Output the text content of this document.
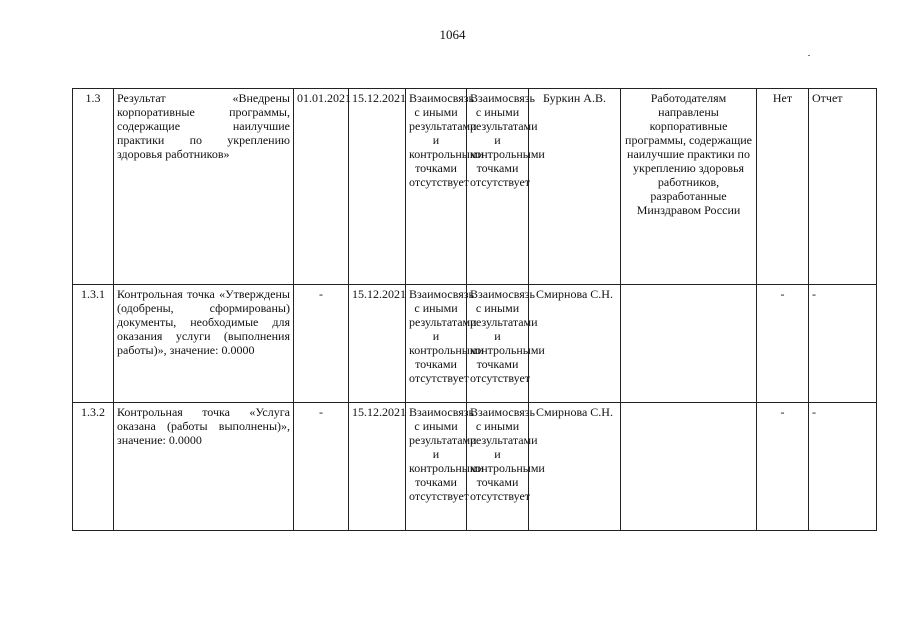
1064
1.3	Результат «Внедрены корпоративные программы, содержащие наилучшие практики по укреплению здоровья работников»	01.01.2021	15.12.2021	Взаимосвязь с иными результатами и контрольными точками отсутствует	Взаимосвязь с иными результатами и контрольными точками отсутствует	Буркин А.В.	Работодателям направлены корпоративные программы, содержащие наилучшие практики по укреплению здоровья работников, разработанные Минздравом России	Нет	Отчет
1.3.1	Контрольная точка «Утверждены (одобрены, сформированы) документы, необходимые для оказания услуги (выполнения работы)», значение: 0.0000	-	15.12.2021	Взаимосвязь с иными результатами и контрольными точками отсутствует	Взаимосвязь с иными результатами и контрольными точками отсутствует	Смирнова С.Н.		-	-
1.3.2	Контрольная точка «Услуга оказана (работы выполнены)», значение: 0.0000	-	15.12.2021	Взаимосвязь с иными результатами и контрольными точками отсутствует	Взаимосвязь с иными результатами и контрольными точками отсутствует	Смирнова С.Н.		-	-
